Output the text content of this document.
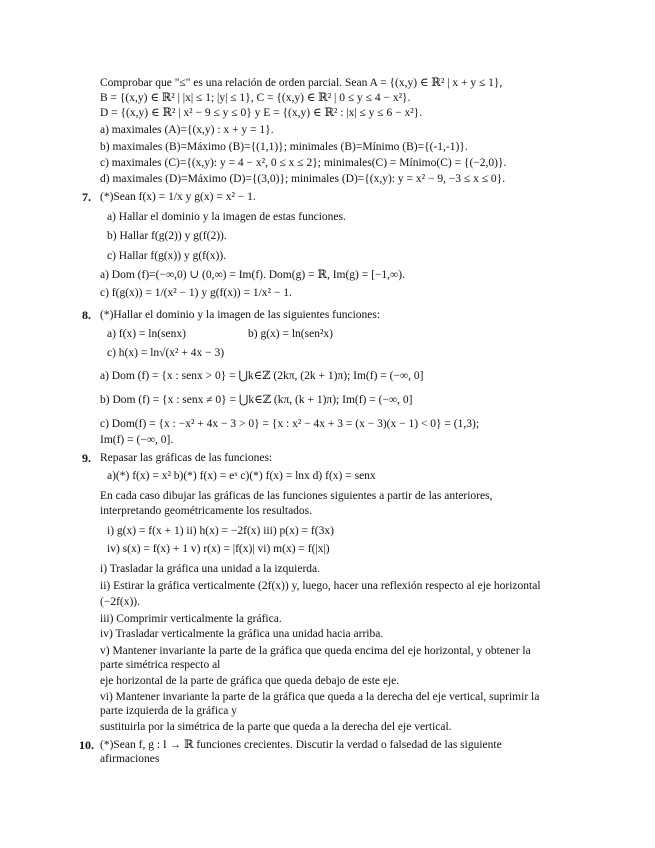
Comprobar que "≤" es una relación de orden parcial. Sean A = {(x,y) ∈ ℝ² | x + y ≤ 1},
B = {(x,y) ∈ ℝ² | |x| ≤ 1; |y| ≤ 1}, C = {(x,y) ∈ ℝ² | 0 ≤ y ≤ 4 − x²}.
D = {(x,y) ∈ ℝ² | x² − 9 ≤ y ≤ 0} y E = {(x,y) ∈ ℝ² : |x| ≤ y ≤ 6 − x²}.
a) maximales (A)={(x,y) : x + y = 1}.
b) maximales (B)=Máximo (B)={(1,1)}; minimales (B)=Mínimo (B)={(-1,-1)}.
c) maximales (C)={(x,y): y = 4 − x², 0 ≤ x ≤ 2}; minimales(C) = Mínimo(C) = {(−2,0)}.
d) maximales (D)=Máximo (D)={(3,0)}; minimales (D)={(x,y): y = x² − 9, −3 ≤ x ≤ 0}.
7. (*)Sean f(x) = 1/x y g(x) = x² − 1.
a) Hallar el dominio y la imagen de estas funciones.
b) Hallar f(g(2)) y g(f(2)).
c) Hallar f(g(x)) y g(f(x)).
a) Dom (f)=(−∞,0) ∪ (0,∞) = Im(f). Dom(g) = ℝ, Im(g) = [−1,∞).
c) f(g(x)) = 1/(x² − 1) y g(f(x)) = 1/x² − 1.
8. (*)Hallar el dominio y la imagen de las siguientes funciones:
a) f(x) = ln(senx)	b) g(x) = ln(sen²x)
c) h(x) = ln√(x² + 4x − 3)
a) Dom (f) = {x : senx > 0} = ⋃k∈ℤ (2kπ, (2k + 1)π); Im(f) = (−∞, 0]
b) Dom (f) = {x : senx ≠ 0} = ⋃k∈ℤ (kπ, (k + 1)π); Im(f) = (−∞, 0]
c) Dom(f) = {x : −x² + 4x − 3 > 0} = {x : x² − 4x + 3 = (x − 3)(x − 1) < 0} = (1,3);
Im(f) = (−∞, 0].
9. Repasar las gráficas de las funciones:
a)(*) f(x) = x² b)(*) f(x) = eˣ c)(*) f(x) = lnx d) f(x) = senx
En cada caso dibujar las gráficas de las funciones siguientes a partir de las anteriores,
interpretando geométricamente los resultados.
i) g(x) = f(x + 1) ii) h(x) = −2f(x) iii) p(x) = f(3x)
iv) s(x) = f(x) + 1 v) r(x) = |f(x)| vi) m(x) = f(|x|)
i) Trasladar la gráfica una unidad a la izquierda.
ii) Estirar la gráfica verticalmente (2f(x)) y, luego, hacer una reflexión respecto al eje horizontal
(−2f(x)).
iii) Comprimir verticalmente la gráfica.
iv) Trasladar verticalmente la gráfica una unidad hacia arriba.
v) Mantener invariante la parte de la gráfica que queda encima del eje horizontal, y obtener la
parte simétrica respecto al
eje horizontal de la parte de gráfica que queda debajo de este eje.
vi) Mantener invariante la parte de la gráfica que queda a la derecha del eje vertical, suprimir la
parte izquierda de la gráfica y
sustituirla por la simétrica de la parte que queda a la derecha del eje vertical.
10. (*)Sean f, g : I → ℝ funciones crecientes. Discutir la verdad o falsedad de las siguiente
afirmaciones
